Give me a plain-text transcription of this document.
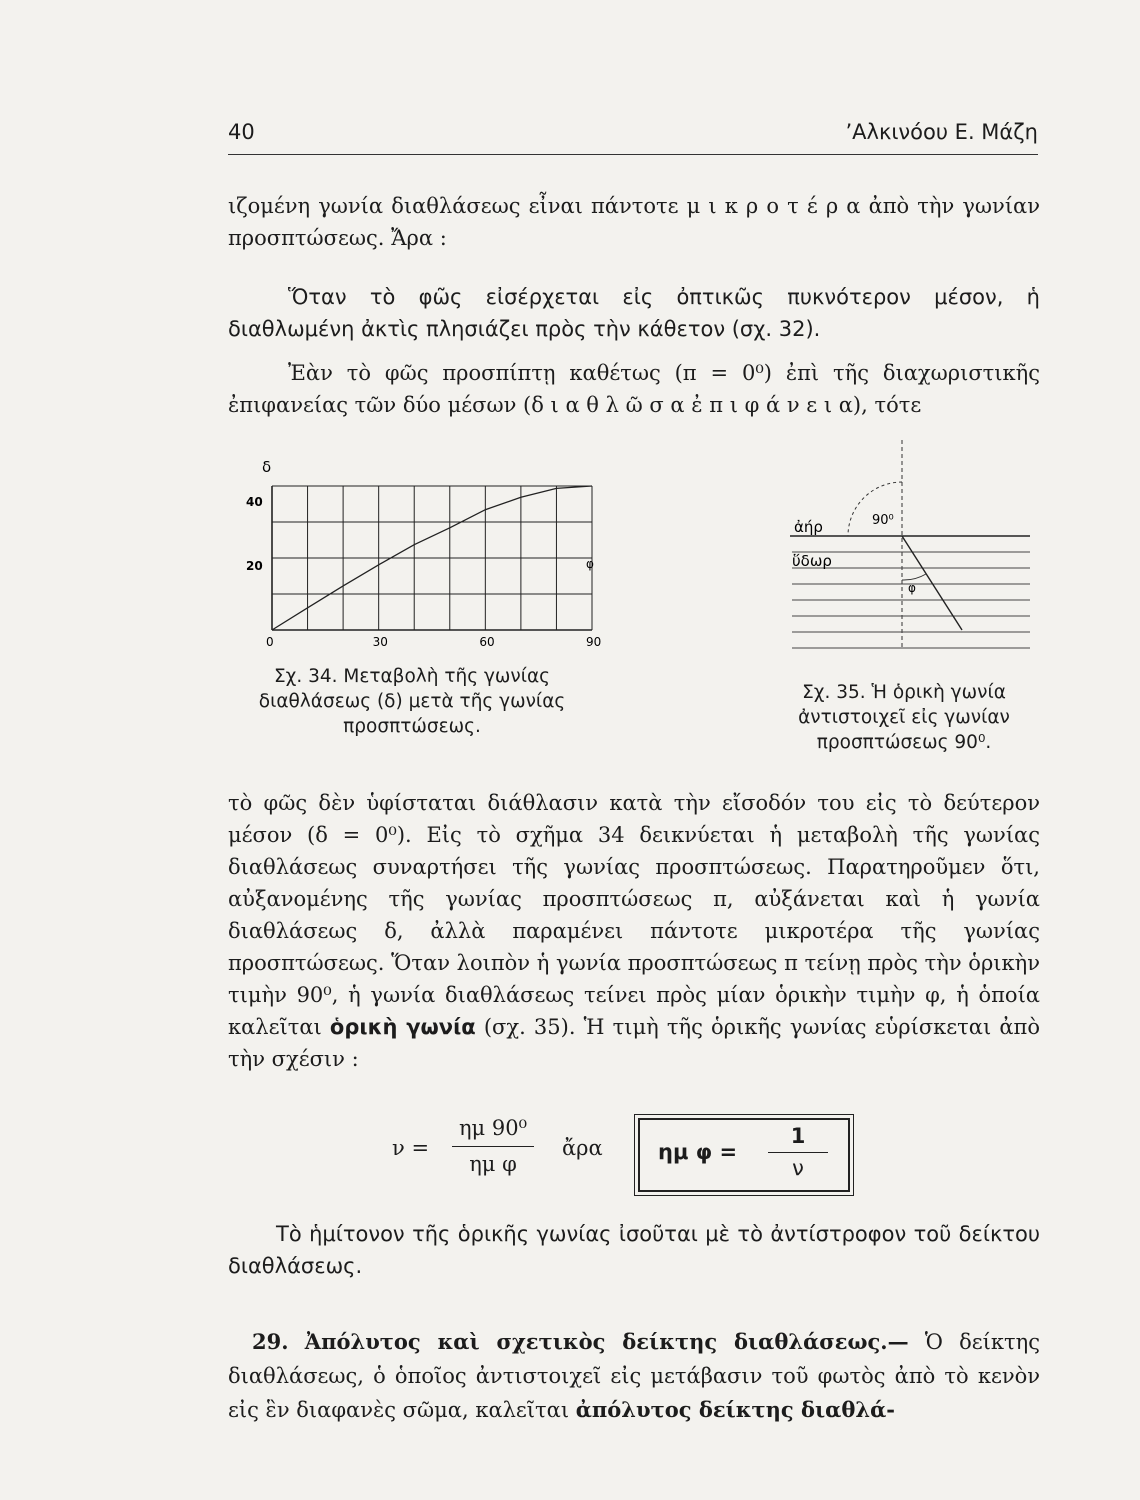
40	’Αλκινόου Ε. Μάζη

ιζομένη γωνία διαθλάσεως εἶναι πάντοτε μ ι κ ρ ο τ έ ρ α ἀπὸ τὴν γωνίαν προσπτώσεως. Ἄρα :

Ὅταν τὸ φῶς εἰσέρχεται εἰς ὀπτικῶς πυκνότερον μέσον, ἡ διαθλωμένη ἀκτὶς πλησιάζει πρὸς τὴν κάθετον (σχ. 32).

Ἐὰν τὸ φῶς προσπίπτῃ καθέτως (π = 0⁰) ἐπὶ τῆς διαχωριστικῆς ἐπιφανείας τῶν δύο μέσων (δ ι α θ λ ῶ σ α ἐ π ι φ ά ν ε ι α), τότε

0	30	60	90
20
40
δ
φ

Σχ. 34. Μεταβολὴ τῆς γωνίας διαθλάσεως (δ) μετὰ τῆς γωνίας προσπτώσεως.

ἀήρ
ὕδωρ
90⁰
φ

Σχ. 35. Ἡ ὁρικὴ γωνία ἀντιστοιχεῖ εἰς γωνίαν προσπτώσεως 90⁰.

τὸ φῶς δὲν ὑφίσταται διάθλασιν κατὰ τὴν εἴσοδόν του εἰς τὸ δεύτερον μέσον (δ = 0⁰). Εἰς τὸ σχῆμα 34 δεικνύεται ἡ μεταβολὴ τῆς γωνίας διαθλάσεως συναρτήσει τῆς γωνίας προσπτώσεως. Παρατηροῦμεν ὅτι, αὐξανομένης τῆς γωνίας προσπτώσεως π, αὐξάνεται καὶ ἡ γωνία διαθλάσεως δ, ἀλλὰ παραμένει πάντοτε μικροτέρα τῆς γωνίας προσπτώσεως. Ὅταν λοιπὸν ἡ γωνία προσπτώσεως π τείνῃ πρὸς τὴν ὁρικὴν τιμὴν 90⁰, ἡ γωνία διαθλάσεως τείνει πρὸς μίαν ὁρικὴν τιμὴν φ, ἡ ὁποία καλεῖται ὁρικὴ γωνία (σχ. 35). Ἡ τιμὴ τῆς ὁρικῆς γωνίας εὑρίσκεται ἀπὸ τὴν σχέσιν :

ν =
ημ 90⁰
ημ φ
ἄρα	ημ φ =
1
ν

Τὸ ἡμίτονον τῆς ὁρικῆς γωνίας ἰσοῦται μὲ τὸ ἀντίστροφον τοῦ δείκτου διαθλάσεως.

29. Ἀπόλυτος καὶ σχετικὸς δείκτης διαθλάσεως.— Ὁ δείκτης διαθλάσεως, ὁ ὁποῖος ἀντιστοιχεῖ εἰς μετάβασιν τοῦ φωτὸς ἀπὸ τὸ κενὸν εἰς ἓν διαφανὲς σῶμα, καλεῖται ἀπόλυτος δείκτης διαθλά-
